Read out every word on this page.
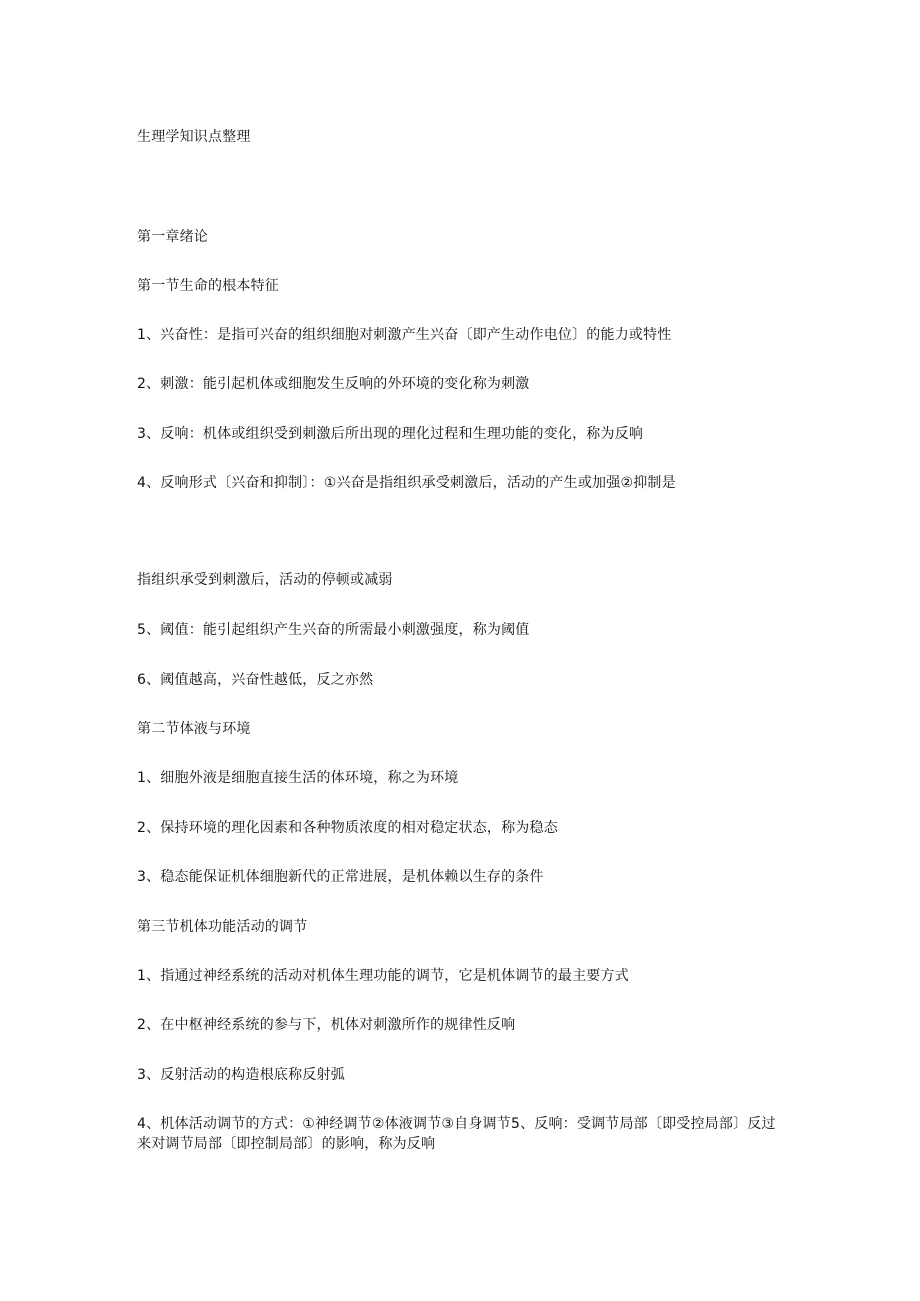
生理学知识点整理
第一章绪论
第一节生命的根本特征
1、兴奋性：是指可兴奋的组织细胞对刺激产生兴奋〔即产生动作电位〕的能力或特性
2、刺激：能引起机体或细胞发生反响的外环境的变化称为刺激
3、反响：机体或组织受到刺激后所出现的理化过程和生理功能的变化，称为反响
4、反响形式〔兴奋和抑制〕：①兴奋是指组织承受刺激后，活动的产生或加强②抑制是
指组织承受到刺激后，活动的停顿或减弱
5、阈值：能引起组织产生兴奋的所需最小刺激强度，称为阈值
6、阈值越高，兴奋性越低，反之亦然
第二节体液与环境
1、细胞外液是细胞直接生活的体环境，称之为环境
2、保持环境的理化因素和各种物质浓度的相对稳定状态，称为稳态
3、稳态能保证机体细胞新代的正常进展，是机体赖以生存的条件
第三节机体功能活动的调节
1、指通过神经系统的活动对机体生理功能的调节，它是机体调节的最主要方式
2、在中枢神经系统的参与下，机体对刺激所作的规律性反响
3、反射活动的构造根底称反射弧
4、机体活动调节的方式：①神经调节②体液调节③自身调节5、反响：受调节局部〔即受控局部〕反过来对调节局部〔即控制局部〕的影响，称为反响
